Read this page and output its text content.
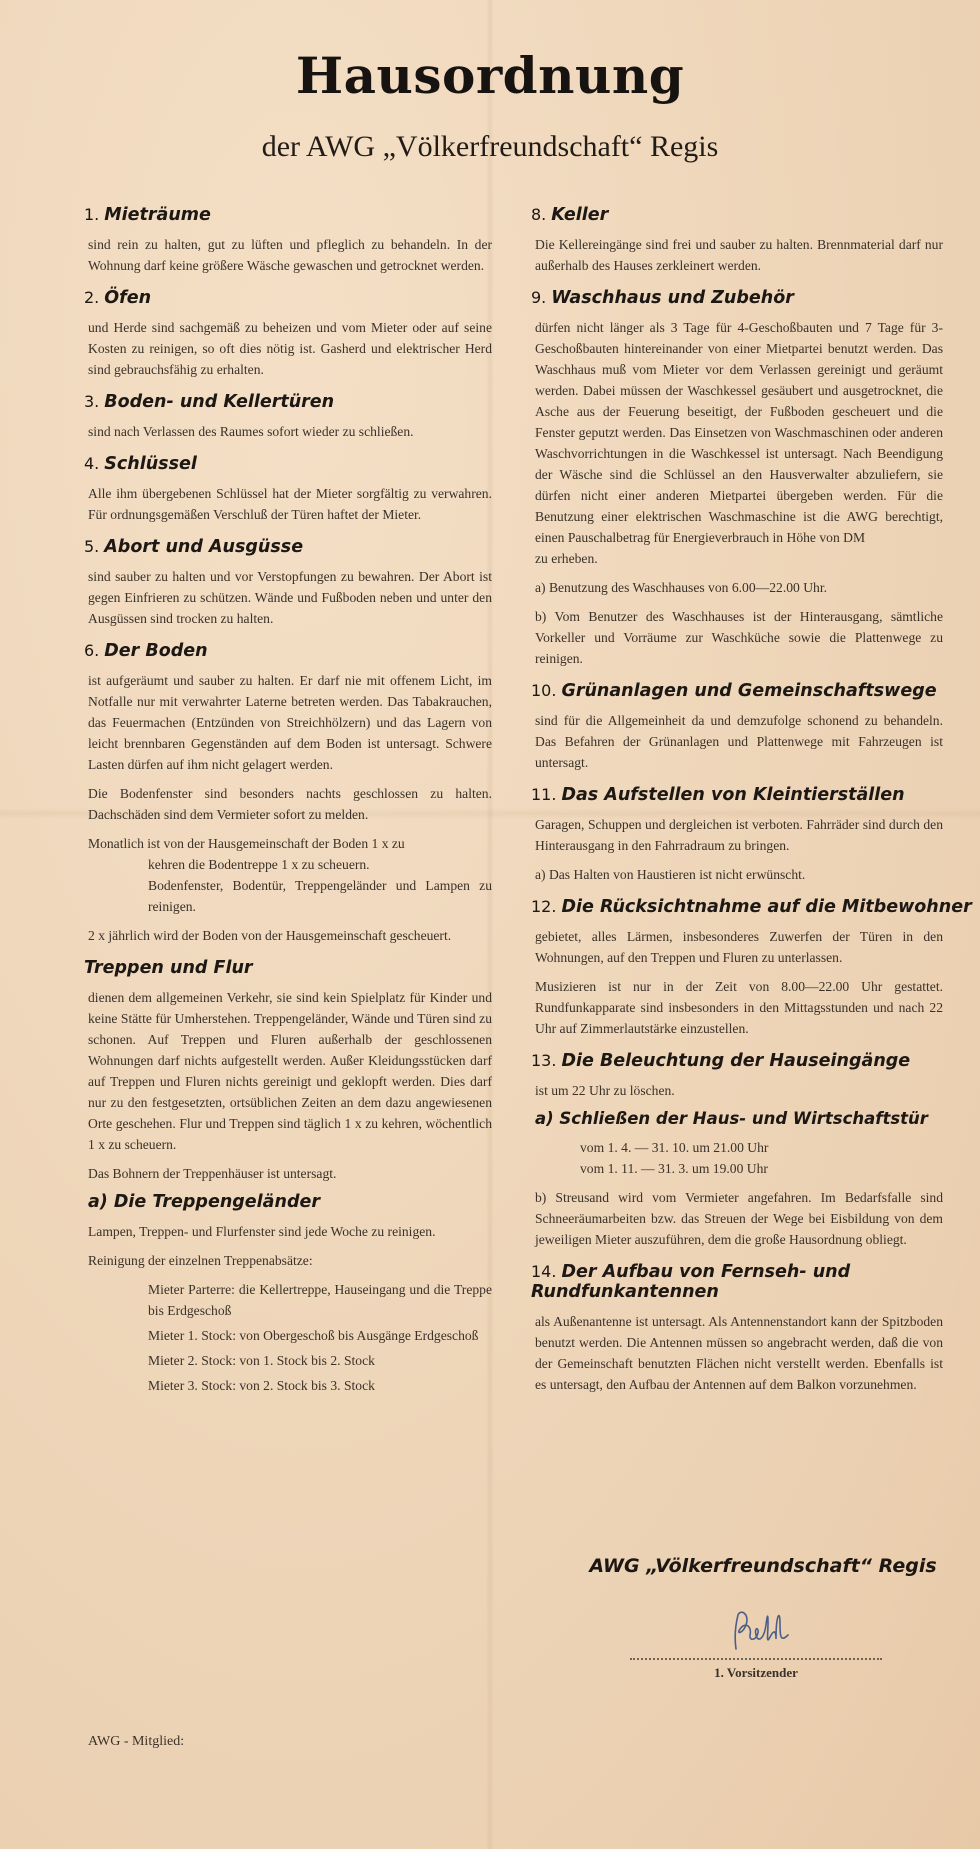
Hausordnung
der AWG „Völkerfreundschaft“ Regis
1. Mieträume

sind rein zu halten, gut zu lüften und pfleglich zu behandeln. In der Wohnung darf keine größere Wäsche gewaschen und getrocknet werden.

2. Öfen

und Herde sind sachgemäß zu beheizen und vom Mieter oder auf seine Kosten zu reinigen, so oft dies nötig ist. Gasherd und elektrischer Herd sind gebrauchsfähig zu erhalten.

3. Boden- und Kellertüren

sind nach Verlassen des Raumes sofort wieder zu schließen.

4. Schlüssel

Alle ihm übergebenen Schlüssel hat der Mieter sorgfältig zu verwahren. Für ordnungsgemäßen Verschluß der Türen haftet der Mieter.

5. Abort und Ausgüsse

sind sauber zu halten und vor Verstopfungen zu bewahren. Der Abort ist gegen Einfrieren zu schützen. Wände und Fußboden neben und unter den Ausgüssen sind trocken zu halten.

6. Der Boden

ist aufgeräumt und sauber zu halten. Er darf nie mit offenem Licht, im Notfalle nur mit verwahrter Laterne betreten werden. Das Tabakrauchen, das Feuermachen (Entzünden von Streichhölzern) und das Lagern von leicht brennbaren Gegenständen auf dem Boden ist untersagt. Schwere Lasten dürfen auf ihm nicht gelagert werden.

Die Bodenfenster sind besonders nachts geschlossen zu halten. Dachschäden sind dem Vermieter sofort zu melden.

Monatlich ist von der Hausgemeinschaft der Boden 1 x zu

kehren die Bodentreppe 1 x zu scheuern.

Bodenfenster, Bodentür, Treppengeländer und Lampen zu reinigen.

2 x jährlich wird der Boden von der Hausgemeinschaft gescheuert.

Treppen und Flur

dienen dem allgemeinen Verkehr, sie sind kein Spielplatz für Kinder und keine Stätte für Umherstehen. Treppengeländer, Wände und Türen sind zu schonen. Auf Treppen und Fluren außerhalb der geschlossenen Wohnungen darf nichts aufgestellt werden. Außer Kleidungsstücken darf auf Treppen und Fluren nichts gereinigt und geklopft werden. Dies darf nur zu den festgesetzten, ortsüblichen Zeiten an dem dazu angewiesenen Orte geschehen. Flur und Treppen sind täglich 1 x zu kehren, wöchentlich 1 x zu scheuern.

Das Bohnern der Treppenhäuser ist untersagt.

a) Die Treppengeländer

Lampen, Treppen- und Flurfenster sind jede Woche zu reinigen.

Reinigung der einzelnen Treppenabsätze:

Mieter Parterre: die Kellertreppe, Hauseingang und die Treppe bis Erdgeschoß

Mieter 1. Stock: von Obergeschoß bis Ausgänge Erdgeschoß

Mieter 2. Stock: von 1. Stock bis 2. Stock

Mieter 3. Stock: von 2. Stock bis 3. Stock

8. Keller

Die Kellereingänge sind frei und sauber zu halten. Brennmaterial darf nur außerhalb des Hauses zerkleinert werden.

9. Waschhaus und Zubehör

dürfen nicht länger als 3 Tage für 4-Geschoßbauten und 7 Tage für 3-Geschoßbauten hintereinander von einer Mietpartei benutzt werden. Das Waschhaus muß vom Mieter vor dem Verlassen gereinigt und geräumt werden. Dabei müssen der Waschkessel gesäubert und ausgetrocknet, die Asche aus der Feuerung beseitigt, der Fußboden gescheuert und die Fenster geputzt werden. Das Einsetzen von Waschmaschinen oder anderen Waschvorrichtungen in die Waschkessel ist untersagt. Nach Beendigung der Wäsche sind die Schlüssel an den Hausverwalter abzuliefern, sie dürfen nicht einer anderen Mietpartei übergeben werden. Für die Benutzung einer elektrischen Waschmaschine ist die AWG berechtigt, einen Pauschalbetrag für Energieverbrauch in Höhe von DM

zu erheben.

a) Benutzung des Waschhauses von 6.00—22.00 Uhr.

b) Vom Benutzer des Waschhauses ist der Hinterausgang, sämtliche Vorkeller und Vorräume zur Waschküche sowie die Plattenwege zu reinigen.

10. Grünanlagen und Gemeinschaftswege

sind für die Allgemeinheit da und demzufolge schonend zu behandeln. Das Befahren der Grünanlagen und Plattenwege mit Fahrzeugen ist untersagt.

11. Das Aufstellen von Kleintierställen

Garagen, Schuppen und dergleichen ist verboten. Fahrräder sind durch den Hinterausgang in den Fahrradraum zu bringen.

a) Das Halten von Haustieren ist nicht erwünscht.

12. Die Rücksichtnahme auf die Mitbewohner

gebietet, alles Lärmen, insbesonderes Zuwerfen der Türen in den Wohnungen, auf den Treppen und Fluren zu unterlassen.

Musizieren ist nur in der Zeit von 8.00—22.00 Uhr gestattet. Rundfunkapparate sind insbesonders in den Mittagsstunden und nach 22 Uhr auf Zimmerlautstärke einzustellen.

13. Die Beleuchtung der Hauseingänge

ist um 22 Uhr zu löschen.

a) Schließen der Haus- und Wirtschaftstür

vom 1. 4. — 31. 10. um 21.00 Uhr

vom 1. 11. — 31. 3. um 19.00 Uhr

b) Streusand wird vom Vermieter angefahren. Im Bedarfsfalle sind Schneeräumarbeiten bzw. das Streuen der Wege bei Eisbildung von dem jeweiligen Mieter auszuführen, dem die große Hausordnung obliegt.

14. Der Aufbau von Fernseh- und Rundfunkantennen

als Außenantenne ist untersagt. Als Antennenstandort kann der Spitzboden benutzt werden. Die Antennen müssen so angebracht werden, daß die von der Gemeinschaft benutzten Flächen nicht verstellt werden. Ebenfalls ist es untersagt, den Aufbau der Antennen auf dem Balkon vorzunehmen.

AWG „Völkerfreundschaft“ Regis
1. Vorsitzender
AWG - Mitglied:
